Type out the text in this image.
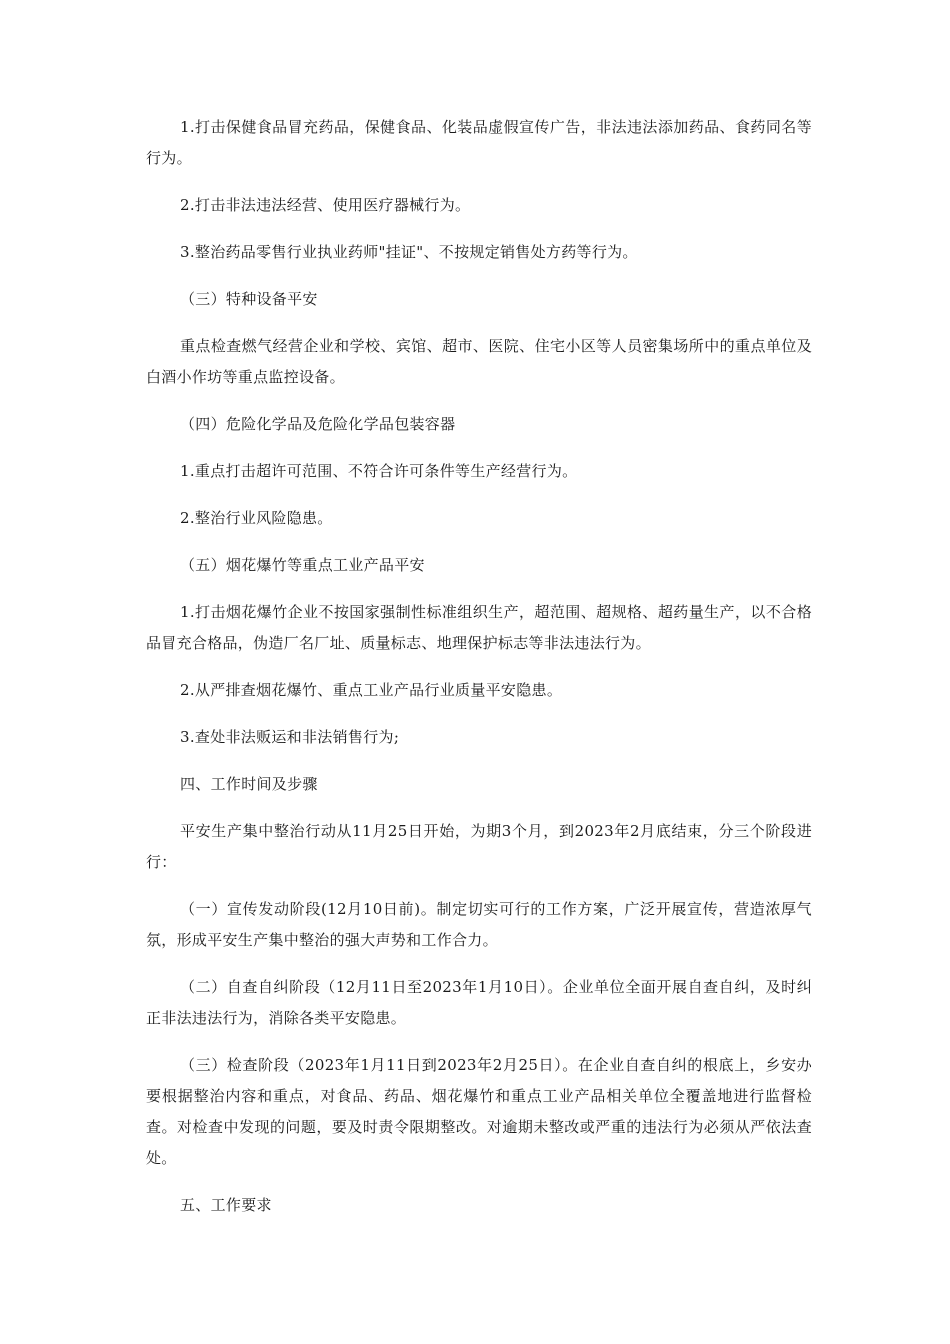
1.打击保健食品冒充药品，保健食品、化装品虚假宣传广告，非法违法添加药品、食药同名等行为。

2.打击非法违法经营、使用医疗器械行为。

3.整治药品零售行业执业药师"挂证"、不按规定销售处方药等行为。

（三）特种设备平安

重点检查燃气经营企业和学校、宾馆、超市、医院、住宅小区等人员密集场所中的重点单位及白酒小作坊等重点监控设备。

（四）危险化学品及危险化学品包装容器

1.重点打击超许可范围、不符合许可条件等生产经营行为。

2.整治行业风险隐患。

（五）烟花爆竹等重点工业产品平安

1.打击烟花爆竹企业不按国家强制性标准组织生产，超范围、超规格、超药量生产，以不合格品冒充合格品，伪造厂名厂址、质量标志、地理保护标志等非法违法行为。

2.从严排查烟花爆竹、重点工业产品行业质量平安隐患。

3.查处非法贩运和非法销售行为;

四、工作时间及步骤

平安生产集中整治行动从11月25日开始，为期3个月，到2023年2月底结束，分三个阶段进行：

（一）宣传发动阶段(12月10日前)。制定切实可行的工作方案，广泛开展宣传，营造浓厚气氛，形成平安生产集中整治的强大声势和工作合力。

（二）自查自纠阶段（12月11日至2023年1月10日）。企业单位全面开展自查自纠，及时纠正非法违法行为，消除各类平安隐患。

（三）检查阶段（2023年1月11日到2023年2月25日）。在企业自查自纠的根底上，乡安办要根据整治内容和重点，对食品、药品、烟花爆竹和重点工业产品相关单位全覆盖地进行监督检查。对检查中发现的问题，要及时责令限期整改。对逾期未整改或严重的违法行为必须从严依法查处。

五、工作要求
